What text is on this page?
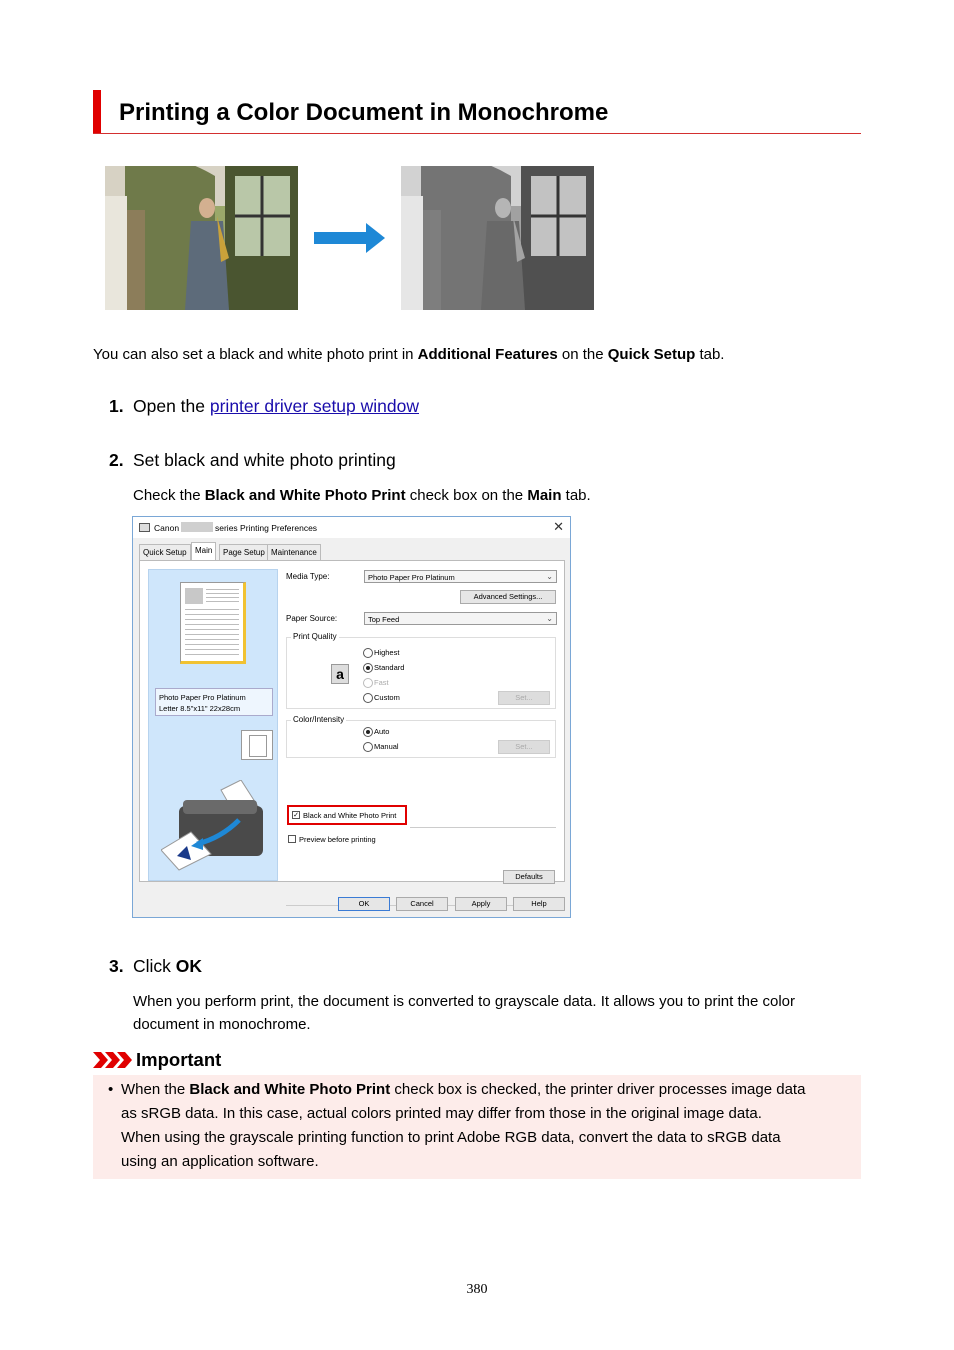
Printing a Color Document in Monochrome
You can also set a black and white photo print in Additional Features on the Quick Setup tab.
1. Open the printer driver setup window
2. Set black and white photo printing
Check the Black and White Photo Print check box on the Main tab.
Canon	series Printing Preferences	✕
Quick Setup	Main	Page Setup Maintenance
Photo Paper Pro Platinum
Letter 8.5"x11" 22x28cm
Media Type:	Photo Paper Pro Platinum	⌄
Advanced Settings...
Paper Source:	Top Feed	⌄
Print Quality
a
Highest
Standard
Fast
Custom	Set...
Color/Intensity
Auto
Manual	Set...
✓ Black and White Photo Print
Preview before printing
Defaults
OK	Cancel	Apply	Help
3. Click OK
When you perform print, the document is converted to grayscale data. It allows you to print the color
document in monochrome.
Important
• When the Black and White Photo Print check box is checked, the printer driver processes image data
as sRGB data. In this case, actual colors printed may differ from those in the original image data.
When using the grayscale printing function to print Adobe RGB data, convert the data to sRGB data
using an application software.
380
